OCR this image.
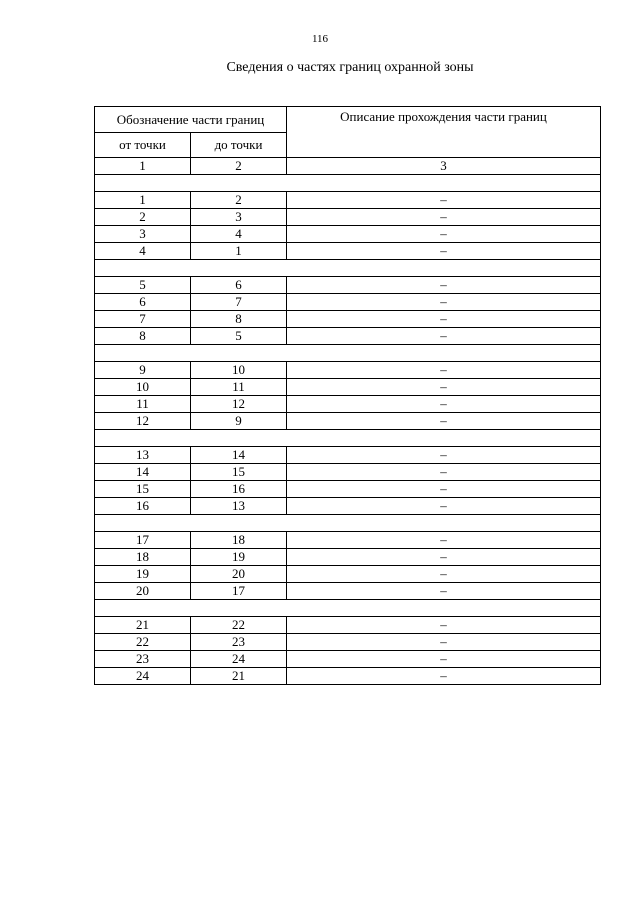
116
Сведения о частях границ охранной зоны
Обозначение части границ		Описание прохождения части границ
от точки	до точки	
1	2	3

1	2	–
2	3	–
3	4	–
4	1	–

5	6	–
6	7	–
7	8	–
8	5	–

9	10	–
10	11	–
11	12	–
12	9	–

13	14	–
14	15	–
15	16	–
16	13	–

17	18	–
18	19	–
19	20	–
20	17	–

21	22	–
22	23	–
23	24	–
24	21	–
